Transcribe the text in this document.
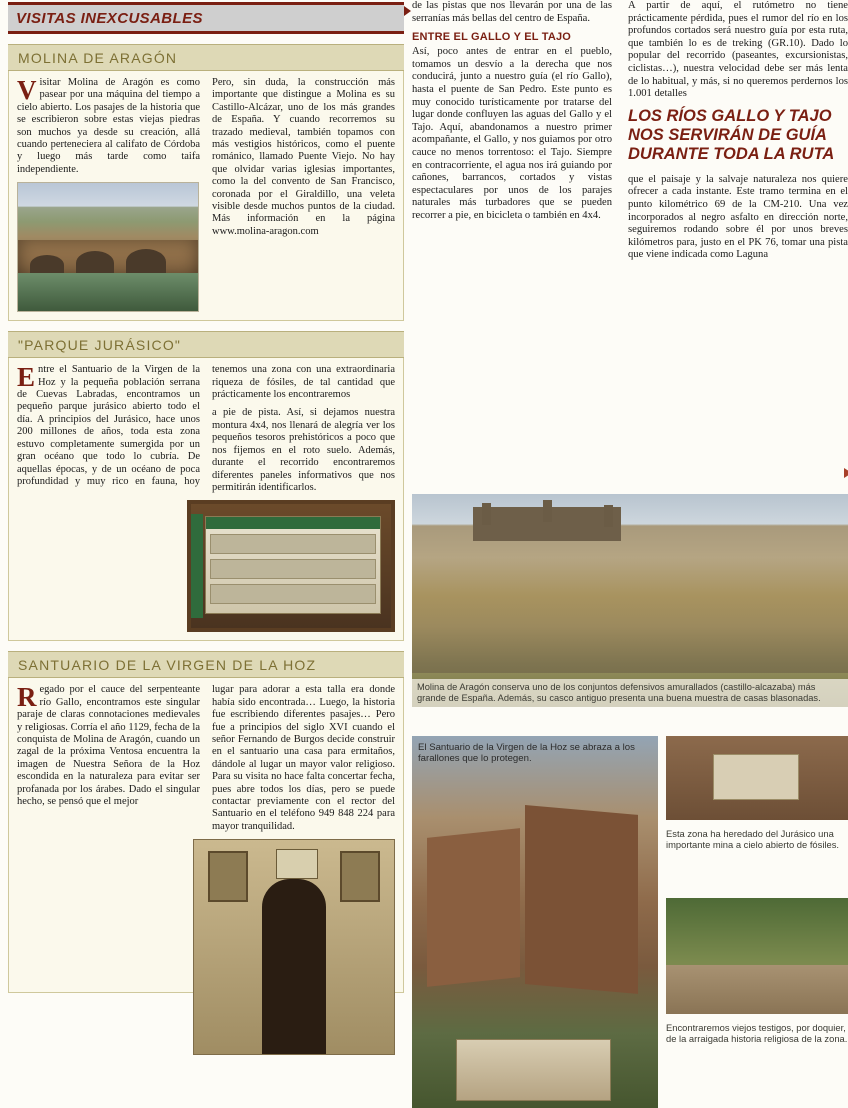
VISITAS INEXCUSABLES
MOLINA DE ARAGÓN

Visitar Molina de Aragón es como pasear por una máquina del tiempo a cielo abierto. Los pasajes de la historia que se escribieron sobre estas viejas piedras son muchos ya desde su creación, allá cuando perteneciera al califato de Córdoba y luego más tarde como taifa independiente.

Pero, sin duda, la construcción más importante que distingue a Molina es su Castillo-Alcázar, uno de los más grandes de España. Y cuando recorremos su trazado medieval, también topamos con más vestigios históricos, como el puente románico, llamado Puente Viejo. No hay que olvidar varias iglesias importantes, como la del convento de San Francisco, coronada por el Giraldillo, una veleta visible desde muchos puntos de la ciudad. Más información en la página www.molina-aragon.com

"PARQUE JURÁSICO"

Entre el Santuario de la Virgen de la Hoz y la pequeña población serrana de Cuevas Labradas, encontramos un pequeño parque jurásico abierto todo el día. A principios del Jurásico, hace unos 200 millones de años, toda esta zona estuvo completamente sumergida por un gran océano que todo lo cubría. De aquellas épocas, y de un océano de poca profundidad y muy rico en fauna, hoy tenemos una zona con una extraordinaria riqueza de fósiles, de tal cantidad que prácticamente los encontraremos

a pie de pista. Así, si dejamos nuestra montura 4x4, nos llenará de alegría ver los pequeños tesoros prehistóricos a poco que nos fijemos en el roto suelo. Además, durante el recorrido encontraremos diferentes paneles informativos que nos permitirán identificarlos.

SANTUARIO DE LA VIRGEN DE LA HOZ

Regado por el cauce del serpenteante río Gallo, encontramos este singular paraje de claras connotaciones medievales y religiosas. Corría el año 1129, fecha de la conquista de Molina de Aragón, cuando un zagal de la próxima Ventosa encuentra la imagen de Nuestra Señora de la Hoz escondida en la naturaleza para evitar ser profanada por los árabes. Dado el singular hecho, se pensó que el mejor

lugar para adorar a esta talla era donde había sido encontrada… Luego, la historia fue escribiendo diferentes pasajes… Pero fue a principios del siglo XVI cuando el señor Fernando de Burgos decide construir en el santuario una casa para ermitaños, dándole al lugar un mayor valor religioso. Para su visita no hace falta concertar fecha, pues abre todos los días, pero se puede contactar previamente con el rector del Santuario en el teléfono 949 848 224 para mayor tranquilidad.

de las pistas que nos llevarán por una de las serranías más bellas del centro de España.

ENTRE EL GALLO Y EL TAJO

Así, poco antes de entrar en el pueblo, tomamos un desvío a la derecha que nos conducirá, junto a nuestro guía (el río Gallo), hasta el puente de San Pedro. Este punto es muy conocido turísticamente por tratarse del lugar donde confluyen las aguas del Gallo y el Tajo. Aquí, abandonamos a nuestro primer acompañante, el Gallo, y nos guiamos por otro cauce no menos torrentoso: el Tajo. Siempre en contracorriente, el agua nos irá guiando por cañones, barrancos, cortados y vistas espectaculares por unos de los parajes naturales más turbadores que se pueden recorrer a pie, en bicicleta o también en 4x4.

A partir de aquí, el rutómetro no tiene prácticamente pérdida, pues el rumor del río en los profundos cortados será nuestro guía por esta ruta, que también lo es de treking (GR.10). Dado lo popular del recorrido (paseantes, excursionistas, ciclistas…), nuestra velocidad debe ser más lenta de lo habitual, y más, si no queremos perdernos los 1.001 detalles

LOS RÍOS GALLO Y TAJO NOS SERVIRÁN DE GUÍA DURANTE TODA LA RUTA

que el paisaje y la salvaje naturaleza nos quiere ofrecer a cada instante. Este tramo termina en el punto kilométrico 69 de la CM-210. Una vez incorporados al negro asfalto en dirección norte, seguiremos rodando sobre él por unos breves kilómetros para, justo en el PK 76, tomar una pista que viene indicada como Laguna

Molina de Aragón conserva uno de los conjuntos defensivos amurallados (castillo-alcazaba) más grande de España. Además, su casco antiguo presenta una buena muestra de casas blasonadas.
El Santuario de la Virgen de la Hoz se abraza a los farallones que lo protegen.
Esta zona ha heredado del Jurásico una importante mina a cielo abierto de fósiles.
Encontraremos viejos testigos, por doquier, de la arraigada historia religiosa de la zona.
